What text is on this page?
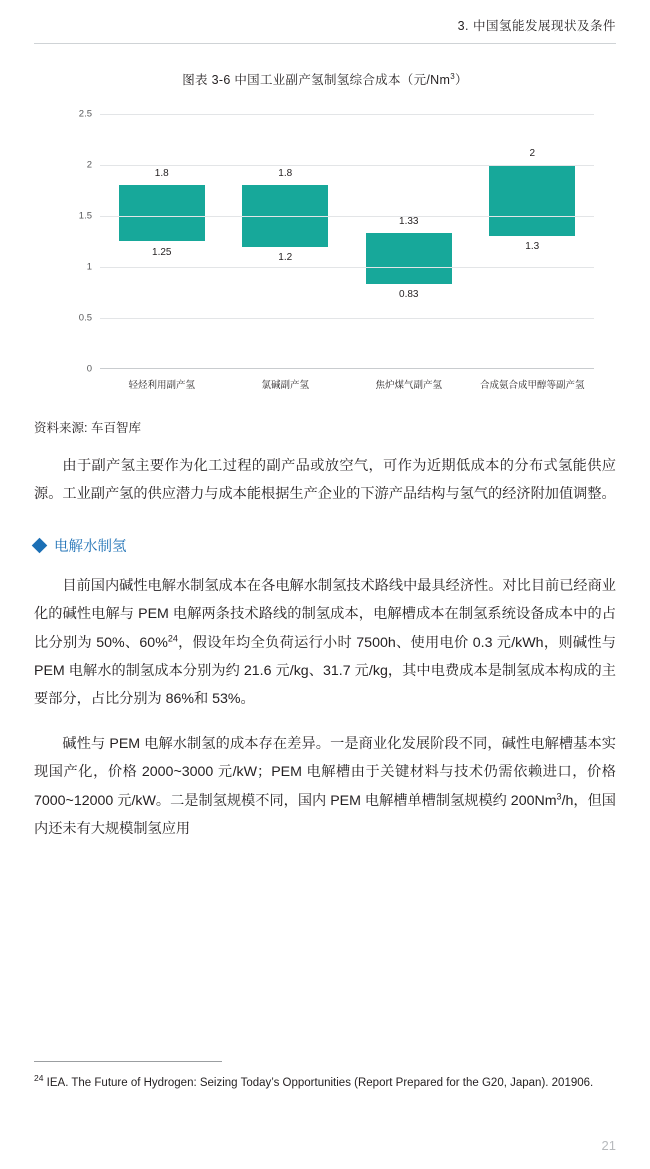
3. 中国氢能发展现状及条件
图表 3-6 中国工业副产氢制氢综合成本（元/Nm$^3$）
1.8
1.25
1.8
1.2
1.33
0.83
2
1.3
0
0.5
1
1.5
2
2.5
轻烃利用副产氢	氯碱副产氢	焦炉煤气副产氢	合成氨合成甲醇等副产氢
资料来源: 车百智库

由于副产氢主要作为化工过程的副产品或放空气，可作为近期低成本的分布式氢能供应源。工业副产氢的供应潜力与成本能根据生产企业的下游产品结构与氢气的经济附加值调整。

电解水制氢

目前国内碱性电解水制氢成本在各电解水制氢技术路线中最具经济性。对比目前已经商业化的碱性电解与 PEM 电解两条技术路线的制氢成本，电解槽成本在制氢系统设备成本中的占比分别为 50%、60%$^{24}$，假设年均全负荷运行小时 7500h、使用电价 0.3 元/kWh，则碱性与 PEM 电解水的制氢成本分别为约 21.6 元/kg、31.7 元/kg，其中电费成本是制氢成本构成的主要部分，占比分别为 86%和 53%。

碱性与 PEM 电解水制氢的成本存在差异。一是商业化发展阶段不同，碱性电解槽基本实现国产化，价格 2000~3000 元/kW；PEM 电解槽由于关键材料与技术仍需依赖进口，价格 7000~12000 元/kW。二是制氢规模不同，国内 PEM 电解槽单槽制氢规模约 200Nm$^3$/h，但国内还未有大规模制氢应用

$^{24}$ IEA. The Future of Hydrogen: Seizing Today’s Opportunities (Report Prepared for the G20, Japan). 201906.
21
